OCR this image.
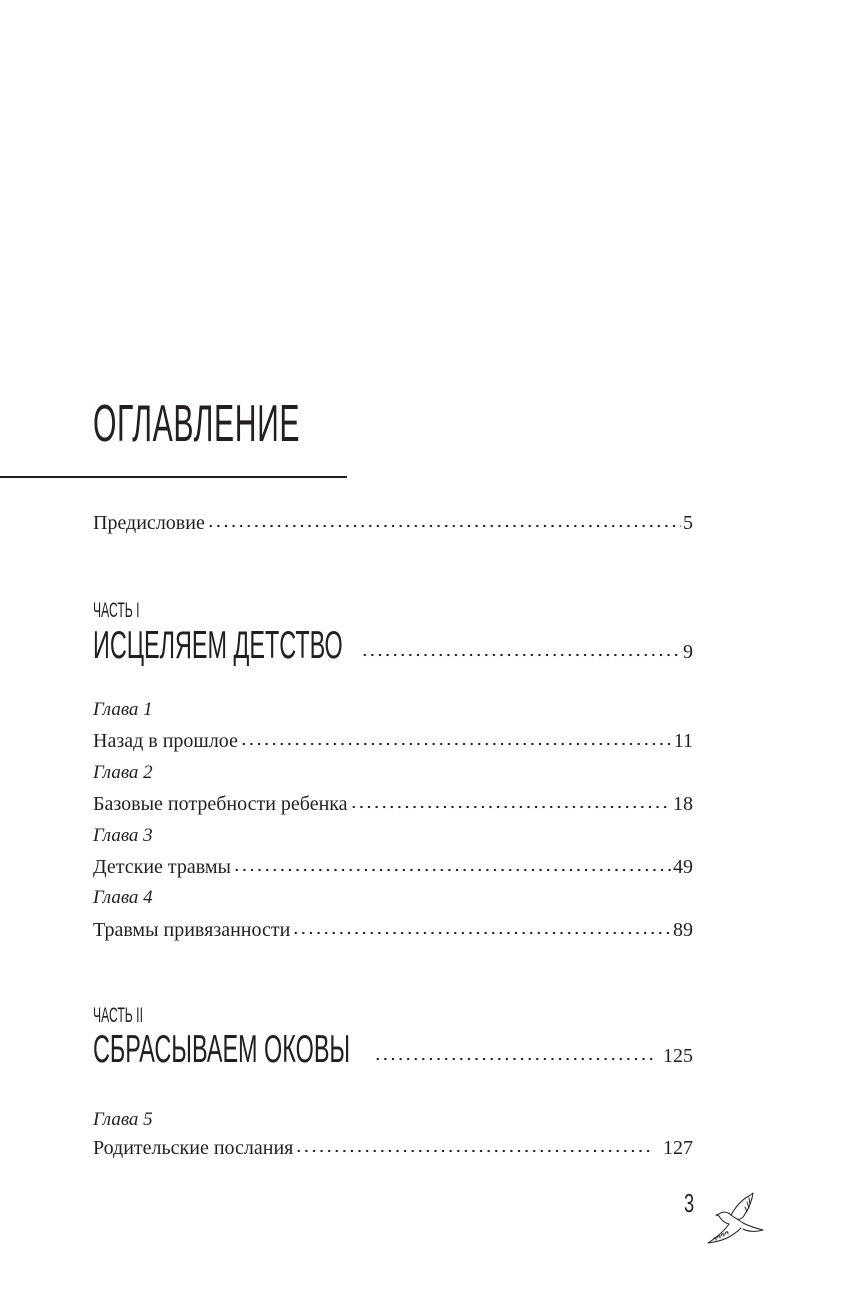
ОГЛАВЛЕНИЕ
Предисловие	5
ЧАСТЬ I
ИСЦЕЛЯЕМ ДЕТСТВО	9
Глава 1
Назад в прошлое	11
Глава 2
Базовые потребности ребенка	18
Глава 3
Детские травмы	49
Глава 4
Травмы привязанности	89
ЧАСТЬ II
СБРАСЫВАЕМ ОКОВЫ	125
Глава 5
Родительские послания	127
3
